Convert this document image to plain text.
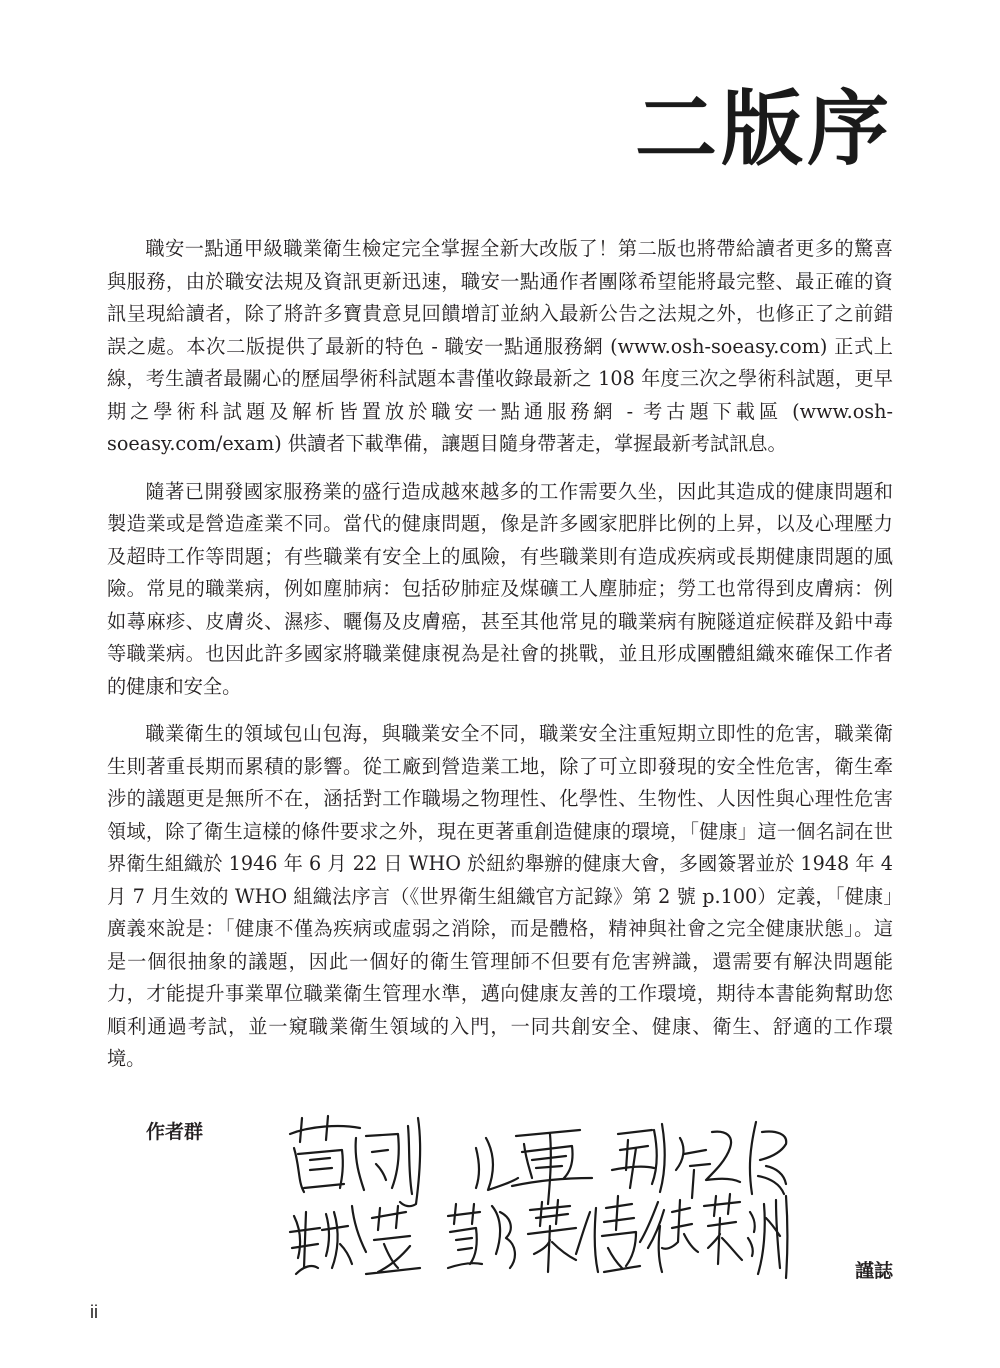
二版序

職安一點通甲級職業衛生檢定完全掌握全新大改版了！第二版也將帶給讀者更多的驚喜與服務，由於職安法規及資訊更新迅速，職安一點通作者團隊希望能將最完整、最正確的資訊呈現給讀者，除了將許多寶貴意見回饋增訂並納入最新公告之法規之外，也修正了之前錯誤之處。本次二版提供了最新的特色 - 職安一點通服務網 (www.osh-soeasy.com) 正式上線，考生讀者最關心的歷屆學術科試題本書僅收錄最新之 108 年度三次之學術科試題，更早期之學術科試題及解析皆置放於職安一點通服務網 - 考古題下載區 (www.osh-soeasy.com/exam) 供讀者下載準備，讓題目隨身帶著走，掌握最新考試訊息。

隨著已開發國家服務業的盛行造成越來越多的工作需要久坐，因此其造成的健康問題和製造業或是營造產業不同。當代的健康問題，像是許多國家肥胖比例的上昇，以及心理壓力及超時工作等問題；有些職業有安全上的風險，有些職業則有造成疾病或長期健康問題的風險。常見的職業病，例如塵肺病：包括矽肺症及煤礦工人塵肺症；勞工也常得到皮膚病：例如蕁麻疹、皮膚炎、濕疹、曬傷及皮膚癌，甚至其他常見的職業病有腕隧道症候群及鉛中毒等職業病。也因此許多國家將職業健康視為是社會的挑戰，並且形成團體組織來確保工作者的健康和安全。

職業衛生的領域包山包海，與職業安全不同，職業安全注重短期立即性的危害，職業衛生則著重長期而累積的影響。從工廠到營造業工地，除了可立即發現的安全性危害，衛生牽涉的議題更是無所不在，涵括對工作職場之物理性、化學性、生物性、人因性與心理性危害領域，除了衛生這樣的條件要求之外，現在更著重創造健康的環境，「健康」這一個名詞在世界衛生組織於 1946 年 6 月 22 日 WHO 於紐約舉辦的健康大會，多國簽署並於 1948 年 4 月 7 月生效的 WHO 組織法序言（《世界衛生組織官方記錄》第 2 號 p.100）定義，「健康」廣義來說是：「健康不僅為疾病或虛弱之消除，而是體格，精神與社會之完全健康狀態」。這是一個很抽象的議題，因此一個好的衛生管理師不但要有危害辨識，還需要有解決問題能力，才能提升事業單位職業衛生管理水準，邁向健康友善的工作環境，期待本書能夠幫助您順利通過考試，並一窺職業衛生領域的入門，一同共創安全、健康、衛生、舒適的工作環境。

作者群
謹誌
ii
